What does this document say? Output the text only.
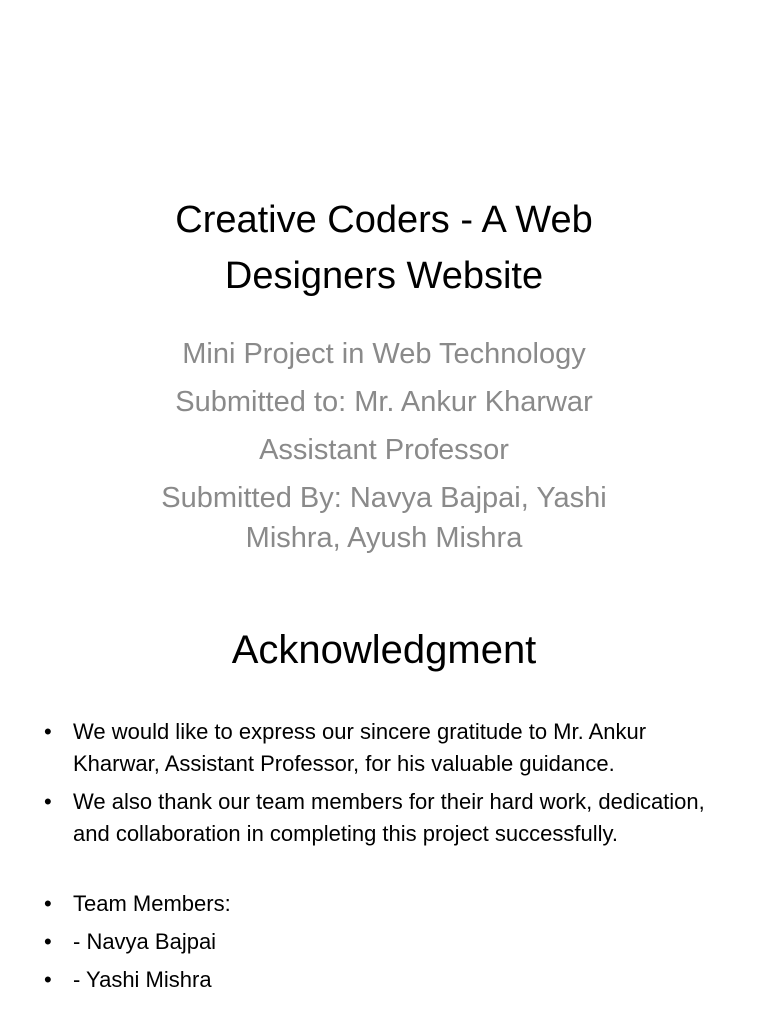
Creative Coders - A Web Designers Website
Mini Project in Web Technology
Submitted to: Mr. Ankur Kharwar
Assistant Professor
Submitted By: Navya Bajpai, Yashi Mishra, Ayush Mishra
Acknowledgment
• We would like to express our sincere gratitude to Mr. Ankur Kharwar, Assistant Professor, for his valuable guidance.
• We also thank our team members for their hard work, dedication, and collaboration in completing this project successfully.
• Team Members:
• - Navya Bajpai
• - Yashi Mishra
